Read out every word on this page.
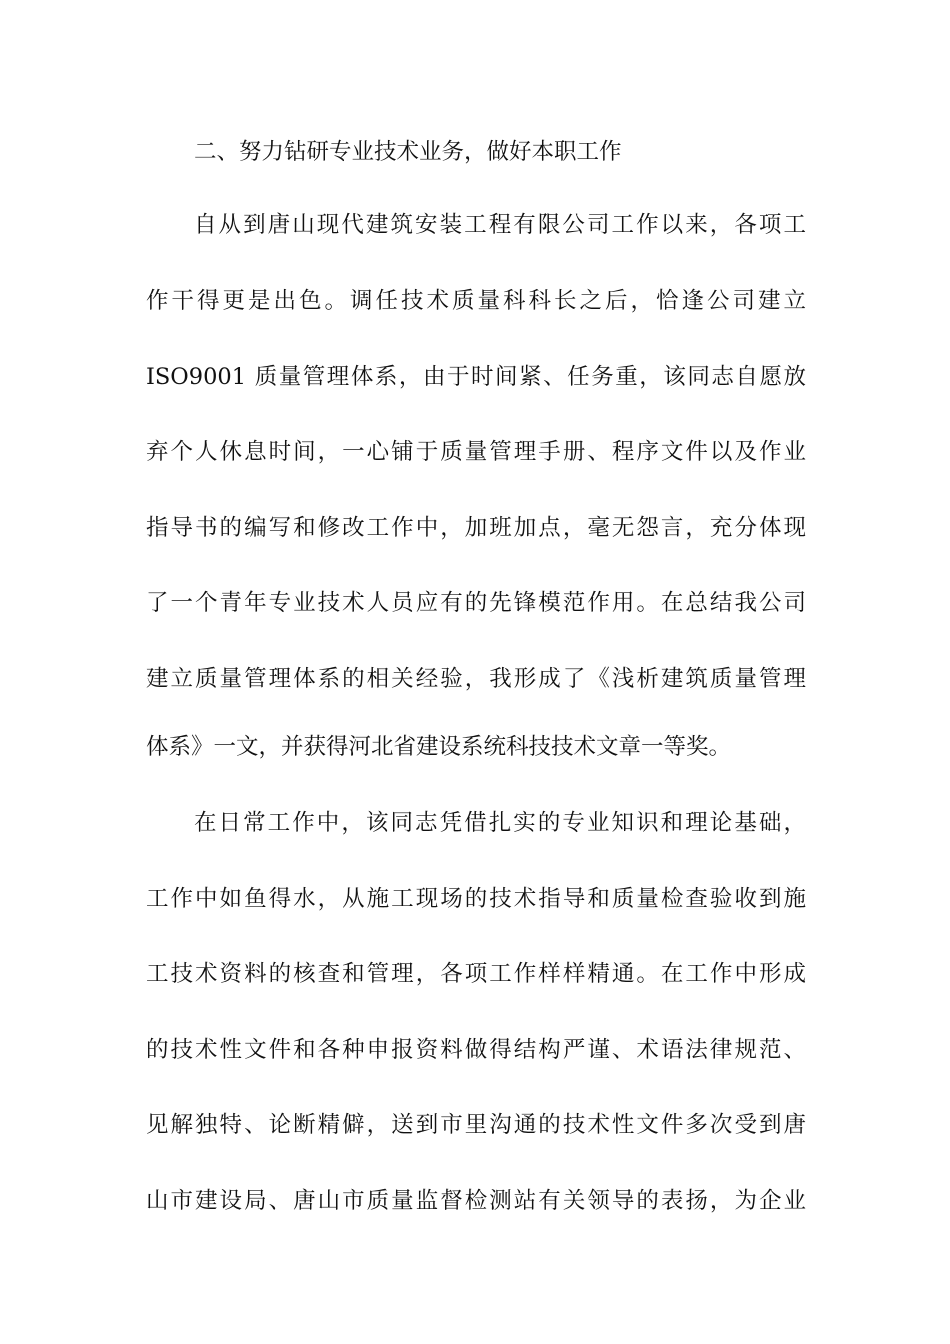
二、努力钻研专业技术业务，做好本职工作
自从到唐山现代建筑安装工程有限公司工作以来，各项工
作干得更是出色。调任技术质量科科长之后，恰逢公司建立
ISO9001 质量管理体系，由于时间紧、任务重，该同志自愿放
弃个人休息时间，一心铺于质量管理手册、程序文件以及作业
指导书的编写和修改工作中，加班加点，毫无怨言，充分体现
了一个青年专业技术人员应有的先锋模范作用。在总结我公司
建立质量管理体系的相关经验，我形成了《浅析建筑质量管理
体系》一文，并获得河北省建设系统科技技术文章一等奖。
在日常工作中，该同志凭借扎实的专业知识和理论基础，
工作中如鱼得水，从施工现场的技术指导和质量检查验收到施
工技术资料的核查和管理，各项工作样样精通。在工作中形成
的技术性文件和各种申报资料做得结构严谨、术语法律规范、
见解独特、论断精僻，送到市里沟通的技术性文件多次受到唐
山市建设局、唐山市质量监督检测站有关领导的表扬，为企业
